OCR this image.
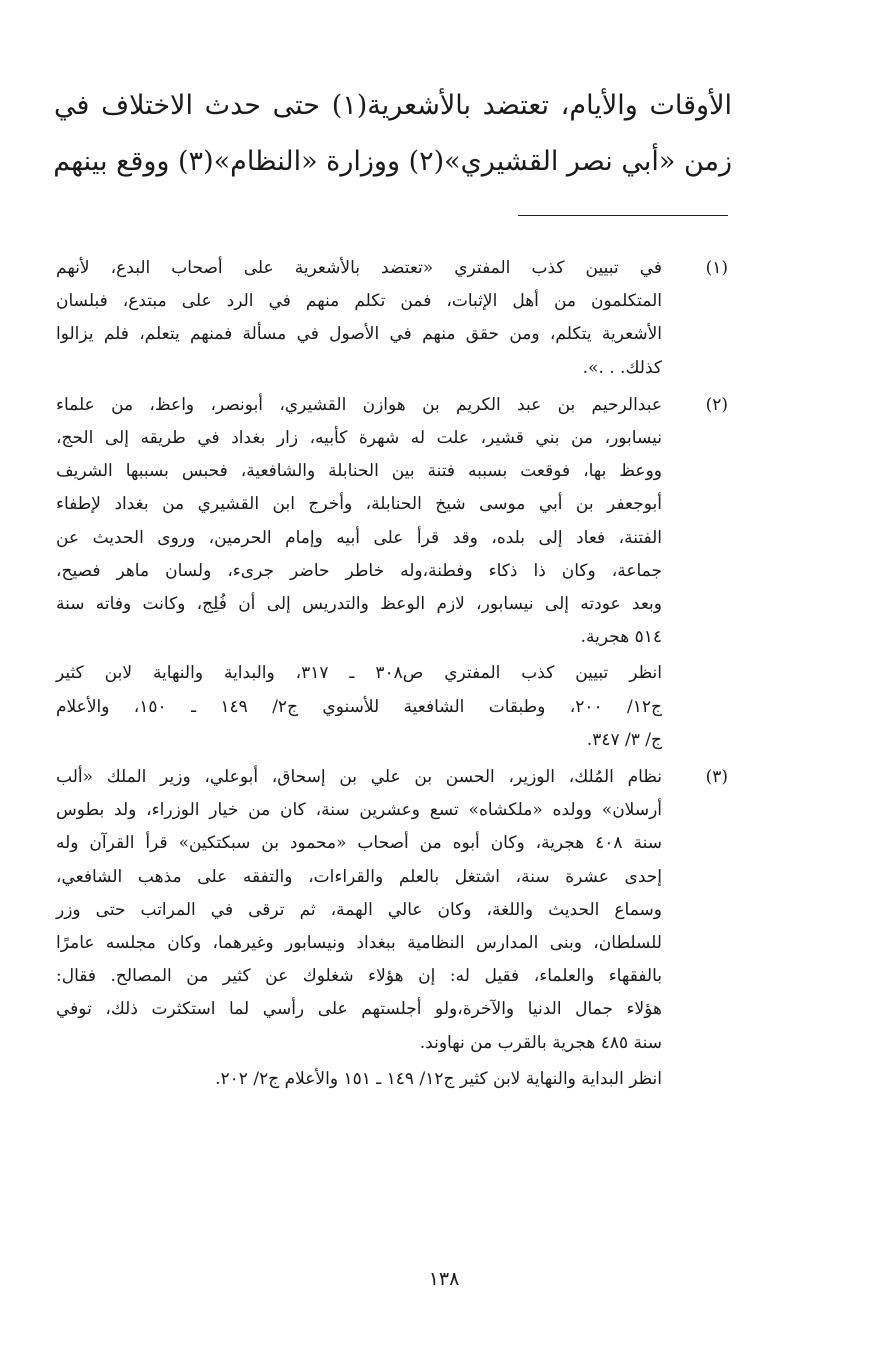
الأوقات والأيام، تعتضد بالأشعرية(١) حتى حدث الاختلاف في
زمن «أبي نصر القشيري»(٢) ووزارة «النظام»(٣) ووقع بينهم
(١)
في تبيين كذب المفتري «تعتضد بالأشعرية على أصحاب البدع، لأنهم
المتكلمون من أهل الإثبات، فمن تكلم منهم في الرد على مبتدع، فبلسان
الأشعرية يتكلم، ومن حقق منهم في الأصول في مسألة فمنهم يتعلم، فلم يزالوا
كذلك. . .».
(٢)
عبدالرحيم بن عبد الكريم بن هوازن القشيري، أبونصر، واعظ، من علماء
نيسابور، من بني قشير، علت له شهرة كأبيه، زار بغداد في طريقه إلى الحج،
ووعظ بها، فوقعت بسببه فتنة بين الحنابلة والشافعية، فحبس بسببها الشريف
أبوجعفر بن أبي موسى شيخ الحنابلة، وأخرج ابن القشيري من بغداد لإطفاء
الفتنة، فعاد إلى بلده، وقد قرأ على أبيه وإمام الحرمين، وروى الحديث عن
جماعة، وكان ذا ذكاء وفطنة،وله خاطر حاضر جرىء، ولسان ماهر فصيح،
وبعد عودته إلى نيسابور، لازم الوعظ والتدريس إلى أن فُلِج، وكانت وفاته سنة
٥١٤ هجرية.
انظر تبيين كذب المفتري ص٣٠٨ ـ ٣١٧، والبداية والنهاية لابن كثير
ج١٢/ ٢٠٠، وطبقات الشافعية للأسنوي ج٢/ ١٤٩ ـ ١٥٠، والأعلام
ج/ ٣/ ٣٤٧.
(٣)
نظام المُلك، الوزير، الحسن بن علي بن إسحاق، أبوعلي، وزير الملك «ألب
أرسلان» وولده «ملكشاه» تسع وعشرين سنة، كان من خيار الوزراء، ولد بطوس
سنة ٤٠٨ هجرية، وكان أبوه من أصحاب «محمود بن سبكتكين» قرأ القرآن وله
إحدى عشرة سنة، اشتغل بالعلم والقراءات، والتفقه على مذهب الشافعي،
وسماع الحديث واللغة، وكان عالي الهمة، ثم ترقى في المراتب حتى وزر
للسلطان، وبنى المدارس النظامية ببغداد ونيسابور وغيرهما، وكان مجلسه عامرًا
بالفقهاء والعلماء، فقيل له: إن هؤلاء شغلوك عن كثير من المصالح. فقال:
هؤلاء جمال الدنيا والآخرة،ولو أجلستهم على رأسي لما استكثرت ذلك، توفي
سنة ٤٨٥ هجرية بالقرب من نهاوند.
انظر البداية والنهاية لابن كثير ج١٢/ ١٤٩ ـ ١٥١ والأعلام ج٢/ ٢٠٢.
١٣٨
